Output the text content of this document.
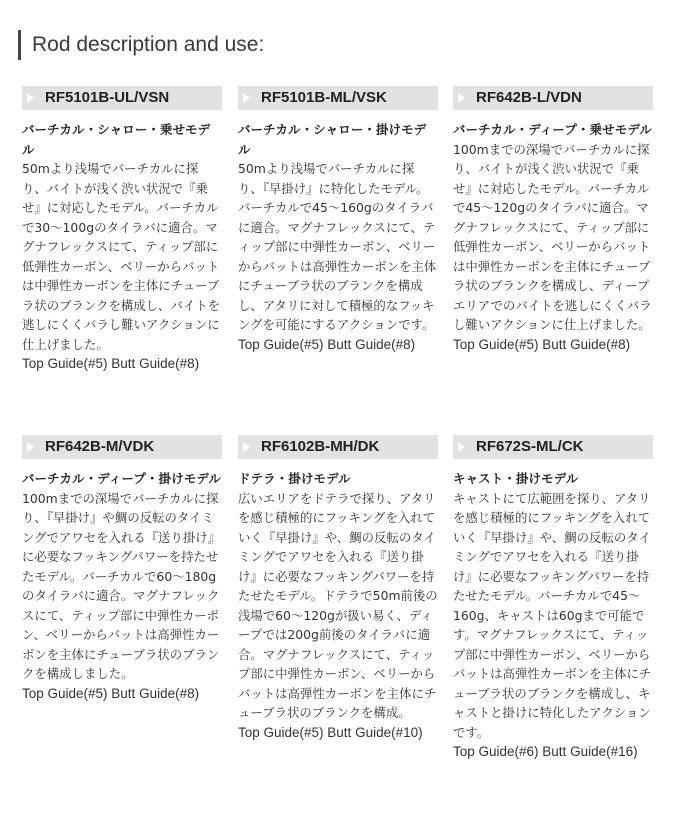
Rod description and use:
RF5101B-UL/VSN
バーチカル・シャロー・乗せモデル
50mより浅場でバーチカルに探り、バイトが浅く渋い状況で『乗せ』に対応したモデル。バーチカルで30～100gのタイラバに適合。マグナフレックスにて、ティップ部に低弾性カーボン、ベリーからバットは中弾性カーボンを主体にチューブラ状のブランクを構成し、バイトを逃しにくくバラし難いアクションに仕上げました。
Top Guide(#5) Butt Guide(#8)
RF5101B-ML/VSK
バーチカル・シャロー・掛けモデル
50mより浅場でバーチカルに探り、『早掛け』に特化したモデル。バーチカルで45～160gのタイラバに適合。マグナフレックスにて、ティップ部に中弾性カーボン、ベリーからバットは高弾性カーボンを主体にチューブラ状のブランクを構成し、アタリに対して積極的なフッキングを可能にするアクションです。
Top Guide(#5) Butt Guide(#8)
RF642B-L/VDN
バーチカル・ディープ・乗せモデル
100mまでの深場でバーチカルに探り、バイトが浅く渋い状況で『乗せ』に対応したモデル。バーチカルで45～120gのタイラバに適合。マグナフレックスにて、ティップ部に低弾性カーボン、ベリーからバットは中弾性カーボンを主体にチューブラ状のブランクを構成し、ディープエリアでのバイトを逃しにくくバラし難いアクションに仕上げました。
Top Guide(#5) Butt Guide(#8)
RF642B-M/VDK
バーチカル・ディープ・掛けモデル
100mまでの深場でバーチカルに探り、『早掛け』や鯛の反転のタイミングでアワセを入れる『送り掛け』に必要なフッキングパワーを持たせたモデル。バーチカルで60～180gのタイラバに適合。マグナフレックスにて、ティップ部に中弾性カーボン、ベリーからバットは高弾性カーボンを主体にチューブラ状のブランクを構成しました。
Top Guide(#5) Butt Guide(#8)
RF6102B-MH/DK
ドテラ・掛けモデル
広いエリアをドテラで探り、アタリを感じ積極的にフッキングを入れていく『早掛け』や、鯛の反転のタイミングでアワセを入れる『送り掛け』に必要なフッキングパワーを持たせたモデル。ドテラで50m前後の浅場で60～120gが扱い易く、ディープでは200g前後のタイラバに適合。マグナフレックスにて、ティップ部に中弾性カーボン、ベリーからバットは高弾性カーボンを主体にチューブラ状のブランクを構成。
Top Guide(#5) Butt Guide(#10)
RF672S-ML/CK
キャスト・掛けモデル
キャストにて広範囲を探り、アタリを感じ積極的にフッキングを入れていく『早掛け』や、鯛の反転のタイミングでアワセを入れる『送り掛け』に必要なフッキングパワーを持たせたモデル。バーチカルで45～160g、キャストは60gまで可能です。マグナフレックスにて、ティップ部に中弾性カーボン、ベリーからバットは高弾性カーボンを主体にチューブラ状のブランクを構成し、キャストと掛けに特化したアクションです。
Top Guide(#6) Butt Guide(#16)
